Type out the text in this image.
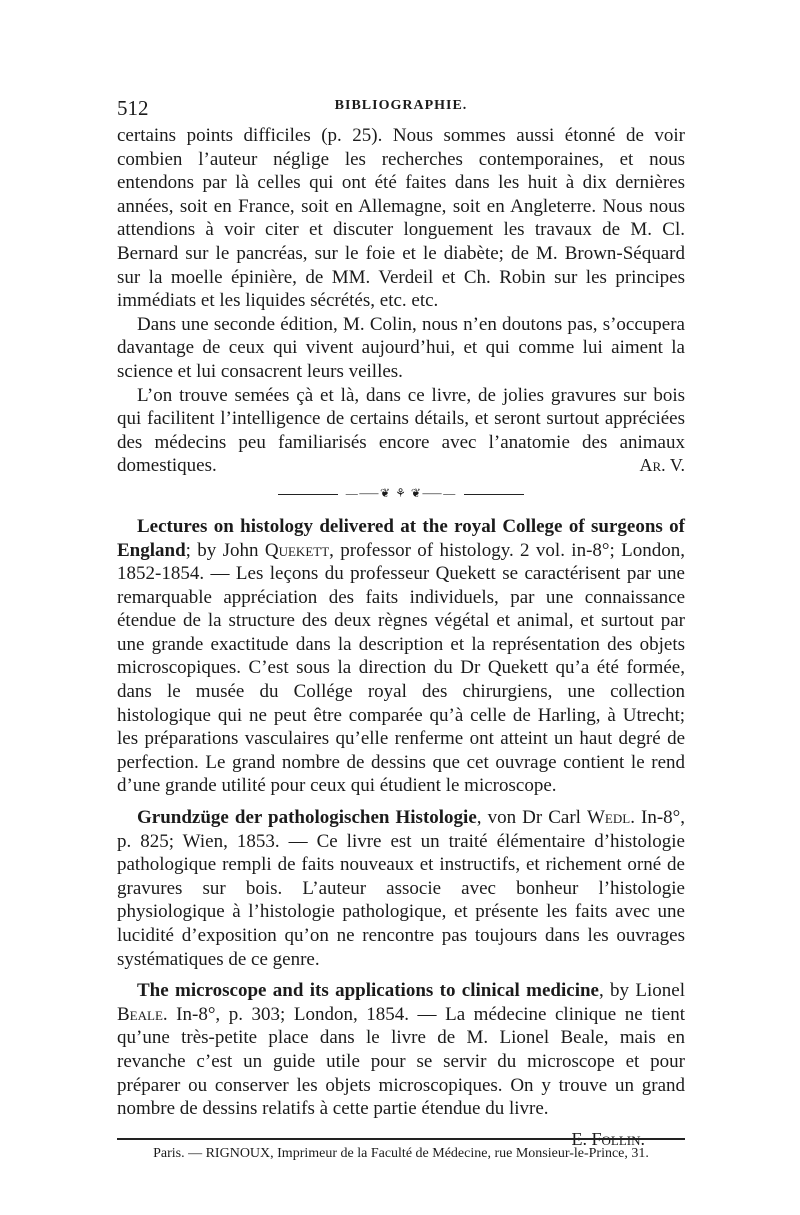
512	BIBLIOGRAPHIE.

certains points difficiles (p. 25). Nous sommes aussi étonné de voir combien l’auteur néglige les recherches contemporaines, et nous entendons par là celles qui ont été faites dans les huit à dix dernières années, soit en France, soit en Allemagne, soit en Angleterre. Nous nous attendions à voir citer et discuter longuement les travaux de M. Cl. Bernard sur le pancréas, sur le foie et le diabète; de M. Brown-Séquard sur la moelle épinière, de MM. Verdeil et Ch. Robin sur les principes immédiats et les liquides sécrétés, etc. etc.

Dans une seconde édition, M. Colin, nous n’en doutons pas, s’occupera davantage de ceux qui vivent aujourd’hui, et qui comme lui aiment la science et lui consacrent leurs veilles.

L’on trouve semées çà et là, dans ce livre, de jolies gravures sur bois qui facilitent l’intelligence de certains détails, et seront surtout appréciées des médecins peu familiarisés encore avec l’anatomie des animaux domestiques.	Ar. V.

—⸺❦ ⚘ ❦⸺—

Lectures on histology delivered at the royal College of surgeons of England; by John Quekett, professor of histology. 2 vol. in-8°; London, 1852-1854. — Les leçons du professeur Quekett se caractérisent par une remarquable appréciation des faits individuels, par une connaissance étendue de la structure des deux règnes végétal et animal, et surtout par une grande exactitude dans la description et la représentation des objets microscopiques. C’est sous la direction du Dr Quekett qu’a été formée, dans le musée du Collége royal des chirurgiens, une collection histologique qui ne peut être comparée qu’à celle de Harling, à Utrecht; les préparations vasculaires qu’elle renferme ont atteint un haut degré de perfection. Le grand nombre de dessins que cet ouvrage contient le rend d’une grande utilité pour ceux qui étudient le microscope.

Grundzüge der pathologischen Histologie, von Dr Carl Wedl. In-8°, p. 825; Wien, 1853. — Ce livre est un traité élémentaire d’histologie pathologique rempli de faits nouveaux et instructifs, et richement orné de gravures sur bois. L’auteur associe avec bonheur l’histologie physiologique à l’histologie pathologique, et présente les faits avec une lucidité d’exposition qu’on ne rencontre pas toujours dans les ouvrages systématiques de ce genre.

The microscope and its applications to clinical medicine, by Lionel Beale. In-8°, p. 303; London, 1854. — La médecine clinique ne tient qu’une très-petite place dans le livre de M. Lionel Beale, mais en revanche c’est un guide utile pour se servir du microscope et pour préparer ou conserver les objets microscopiques. On y trouve un grand nombre de dessins relatifs à cette partie étendue du livre.

E. Follin.
Paris. — RIGNOUX, Imprimeur de la Faculté de Médecine, rue Monsieur-le-Prince, 31.
